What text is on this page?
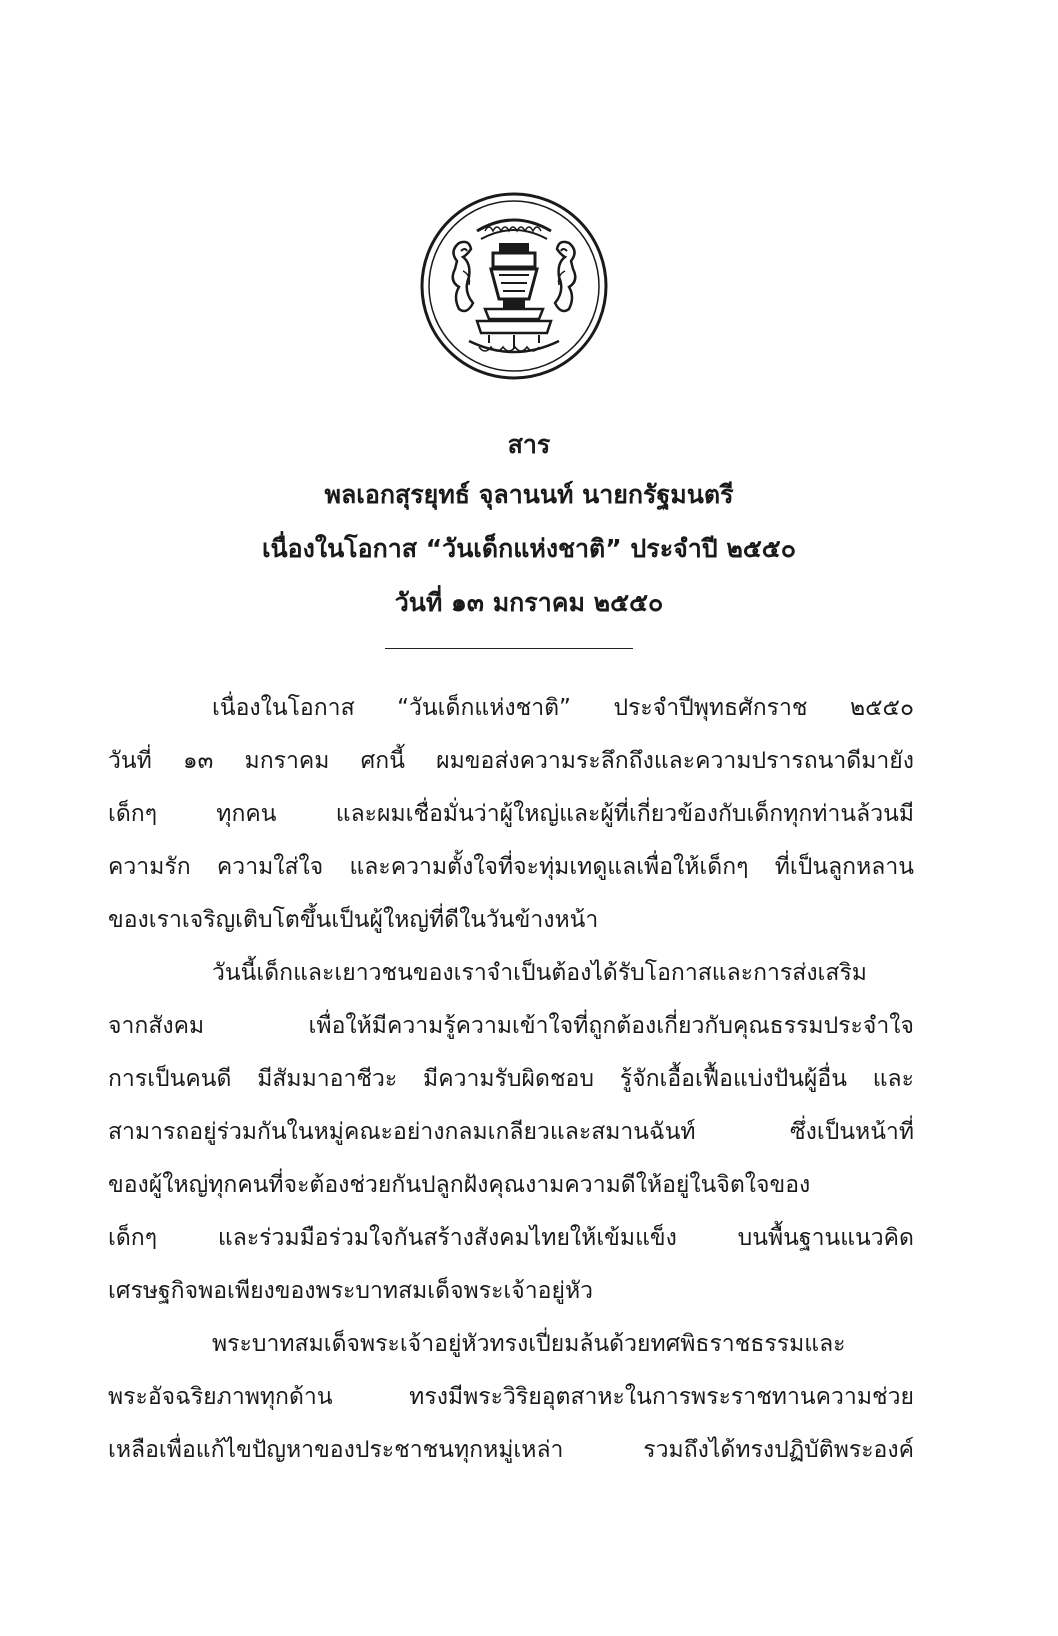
สาร
พลเอกสุรยุทธ์ จุลานนท์ นายกรัฐมนตรี
เนื่องในโอกาส “วันเด็กแห่งชาติ” ประจำปี ๒๕๕๐
วันที่ ๑๓ มกราคม ๒๕๕๐
เนื่องในโอกาส “วันเด็กแห่งชาติ” ประจำปีพุทธศักราช ๒๕๕๐
วันที่ ๑๓ มกราคม ศกนี้ ผมขอส่งความระลึกถึงและความปรารถนาดีมายัง
เด็กๆ ทุกคน และผมเชื่อมั่นว่าผู้ใหญ่และผู้ที่เกี่ยวข้องกับเด็กทุกท่านล้วนมี
ความรัก ความใส่ใจ และความตั้งใจที่จะทุ่มเทดูแลเพื่อให้เด็กๆ ที่เป็นลูกหลาน
ของเราเจริญเติบโตขึ้นเป็นผู้ใหญ่ที่ดีในวันข้างหน้า
วันนี้เด็กและเยาวชนของเราจำเป็นต้องได้รับโอกาสและการส่งเสริม
จากสังคม เพื่อให้มีความรู้ความเข้าใจที่ถูกต้องเกี่ยวกับคุณธรรมประจำใจ
การเป็นคนดี มีสัมมาอาชีวะ มีความรับผิดชอบ รู้จักเอื้อเฟื้อแบ่งปันผู้อื่น และ
สามารถอยู่ร่วมกันในหมู่คณะอย่างกลมเกลียวและสมานฉันท์ ซึ่งเป็นหน้าที่
ของผู้ใหญ่ทุกคนที่จะต้องช่วยกันปลูกฝังคุณงามความดีให้อยู่ในจิตใจของ
เด็กๆ และร่วมมือร่วมใจกันสร้างสังคมไทยให้เข้มแข็ง บนพื้นฐานแนวคิด
เศรษฐกิจพอเพียงของพระบาทสมเด็จพระเจ้าอยู่หัว
พระบาทสมเด็จพระเจ้าอยู่หัวทรงเปี่ยมล้นด้วยทศพิธราชธรรมและ
พระอัจฉริยภาพทุกด้าน ทรงมีพระวิริยอุตสาหะในการพระราชทานความช่วย
เหลือเพื่อแก้ไขปัญหาของประชาชนทุกหมู่เหล่า รวมถึงได้ทรงปฏิบัติพระองค์
